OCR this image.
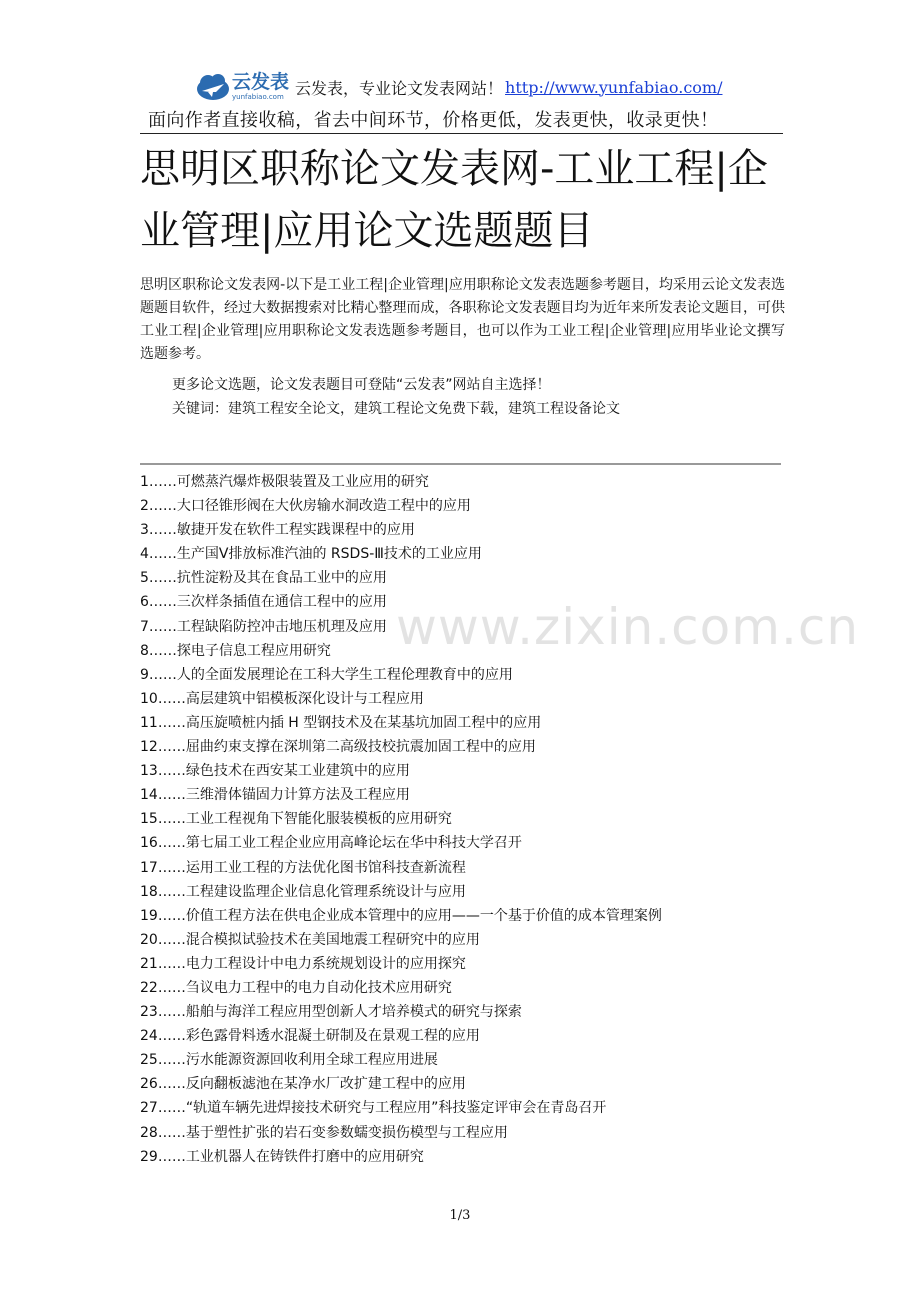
云发表
yunfabiao.com 云发表，专业论文发表网站！ http://www.yunfabiao.com/
面向作者直接收稿，省去中间环节，价格更低，发表更快，收录更快！
思明区职称论文发表网-工业工程|企业管理|应用论文选题题目

思明区职称论文发表网-以下是工业工程|企业管理|应用职称论文发表选题参考题目，均采用云论文发表选题题目软件，经过大数据搜索对比精心整理而成，各职称论文发表题目均为近年来所发表论文题目，可供工业工程|企业管理|应用职称论文发表选题参考题目，也可以作为工业工程|企业管理|应用毕业论文撰写选题参考。

更多论文选题，论文发表题目可登陆“云发表”网站自主选择！
关键词：建筑工程安全论文，建筑工程论文免费下载，建筑工程设备论文
1……可燃蒸汽爆炸极限装置及工业应用的研究
2……大口径锥形阀在大伙房输水洞改造工程中的应用
3……敏捷开发在软件工程实践课程中的应用
4……生产国Ⅴ排放标准汽油的 RSDS-Ⅲ技术的工业应用
5……抗性淀粉及其在食品工业中的应用
6……三次样条插值在通信工程中的应用
7……工程缺陷防控冲击地压机理及应用
8……探电子信息工程应用研究
9……人的全面发展理论在工科大学生工程伦理教育中的应用
10……高层建筑中铝模板深化设计与工程应用
11……高压旋喷桩内插 H 型钢技术及在某基坑加固工程中的应用
12……屈曲约束支撑在深圳第二高级技校抗震加固工程中的应用
13……绿色技术在西安某工业建筑中的应用
14……三维滑体锚固力计算方法及工程应用
15……工业工程视角下智能化服装模板的应用研究
16……第七届工业工程企业应用高峰论坛在华中科技大学召开
17……运用工业工程的方法优化图书馆科技查新流程
18……工程建设监理企业信息化管理系统设计与应用
19……价值工程方法在供电企业成本管理中的应用——一个基于价值的成本管理案例
20……混合模拟试验技术在美国地震工程研究中的应用
21……电力工程设计中电力系统规划设计的应用探究
22……刍议电力工程中的电力自动化技术应用研究
23……船舶与海洋工程应用型创新人才培养模式的研究与探索
24……彩色露骨料透水混凝土研制及在景观工程的应用
25……污水能源资源回收利用全球工程应用进展
26……反向翻板滤池在某净水厂改扩建工程中的应用
27……“轨道车辆先进焊接技术研究与工程应用”科技鉴定评审会在青岛召开
28……基于塑性扩张的岩石变参数蠕变损伤模型与工程应用
29……工业机器人在铸铁件打磨中的应用研究
www.zixin.com.cn
1/3
